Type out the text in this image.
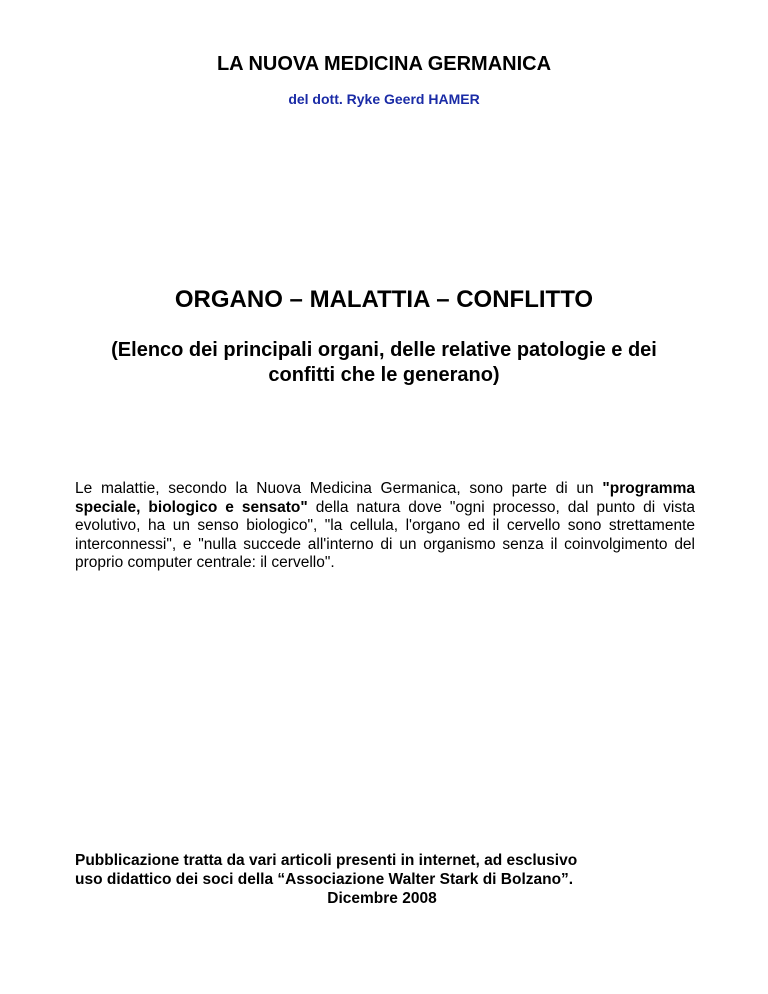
LA NUOVA MEDICINA GERMANICA
del dott. Ryke Geerd HAMER
ORGANO – MALATTIA – CONFLITTO
(Elenco dei principali organi, delle relative patologie e dei confitti che le generano)
Le malattie, secondo la Nuova Medicina Germanica, sono parte di un "programma speciale, biologico e sensato" della natura dove "ogni processo, dal punto di vista evolutivo, ha un senso biologico", "la cellula, l'organo ed il cervello sono strettamente interconnessi", e "nulla succede all'interno di un organismo senza il coinvolgimento del proprio computer centrale: il cervello".
Pubblicazione tratta da vari articoli presenti in internet, ad esclusivo
uso didattico dei soci della “Associazione Walter Stark di Bolzano”.
Dicembre 2008
